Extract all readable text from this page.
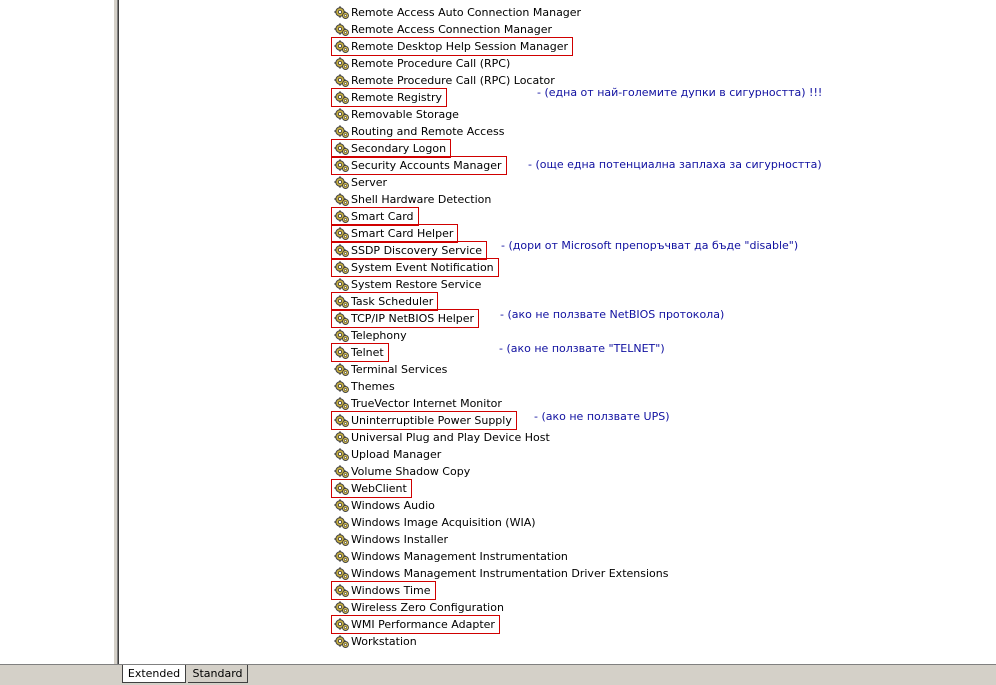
Remote Access Auto Connection Manager
Remote Access Connection Manager
Remote Desktop Help Session Manager
Remote Procedure Call (RPC)
Remote Procedure Call (RPC) Locator
Remote Registry
Removable Storage
Routing and Remote Access
Secondary Logon
Security Accounts Manager
Server
Shell Hardware Detection
Smart Card
Smart Card Helper
SSDP Discovery Service
System Event Notification
System Restore Service
Task Scheduler
TCP/IP NetBIOS Helper
Telephony
Telnet
Terminal Services
Themes
TrueVector Internet Monitor
Uninterruptible Power Supply
Universal Plug and Play Device Host
Upload Manager
Volume Shadow Copy
WebClient
Windows Audio
Windows Image Acquisition (WIA)
Windows Installer
Windows Management Instrumentation
Windows Management Instrumentation Driver Extensions
Windows Time
Wireless Zero Configuration
WMI Performance Adapter
Workstation
- (една от най-големите дупки в сигурността) !!!
- (още една потенциална заплаха за сигурността)
- (дори от Microsoft препоръчват да бъде "disable")
- (ако не ползвате NetBIOS протокола)
- (ако не ползвате "TELNET")
- (ако не ползвате UPS)
Extended	Standard
